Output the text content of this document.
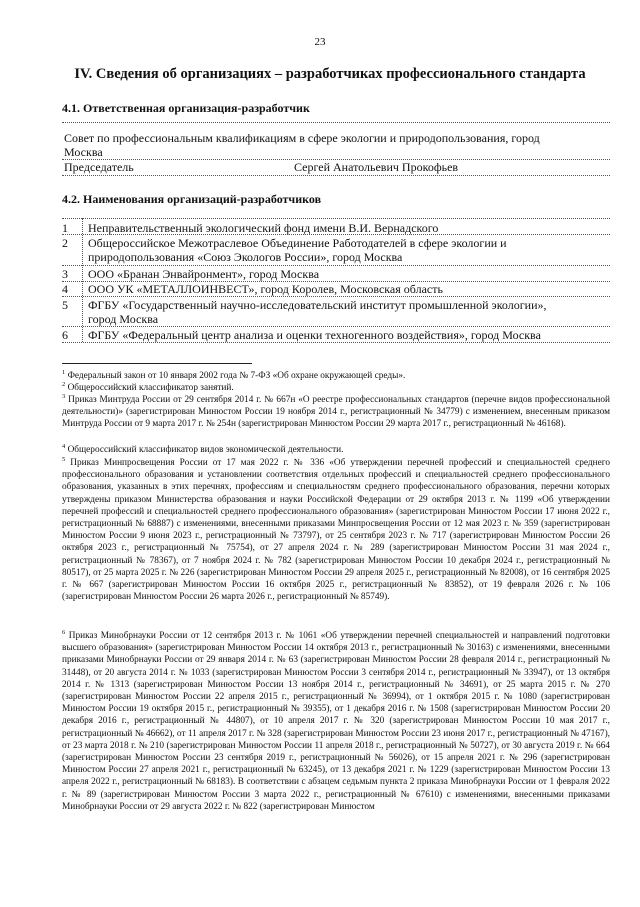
23
IV. Сведения об организациях – разработчиках профессионального стандарта
4.1. Ответственная организация-разработчик
Совет по профессиональным квалификациям в сфере экологии и природопользования, город
Москва
Председатель	Сергей Анатольевич Прокофьев
4.2. Наименования организаций-разработчиков
1 Неправительственный экологический фонд имени В.И. Вернадского
2 Общероссийское Межотраслевое Объединение Работодателей в сфере экологии и
природопользования «Союз Экологов России», город Москва
3 ООО «Бранан Энвайронмент», город Москва
4 ООО УК «МЕТАЛЛОИНВЕСТ», город Королев, Московская область
5 ФГБУ «Государственный научно-исследовательский институт промышленной экологии»,
город Москва
6 ФГБУ «Федеральный центр анализа и оценки техногенного воздействия», город Москва

$^1$ Федеральный закон от 10 января 2002 года № 7-ФЗ «Об охране окружающей среды».

$^2$ Общероссийский классификатор занятий.

$^3$ Приказ Минтруда России от 29 сентября 2014 г. № 667н «О реестре профессиональных стандартов (перечне видов профессиональной деятельности)» (зарегистрирован Минюстом России 19 ноября 2014 г., регистрационный № 34779) с изменением, внесенным приказом Минтруда России от 9 марта 2017 г. № 254н (зарегистрирован Минюстом России 29 марта 2017 г., регистрационный № 46168).

$^4$ Общероссийский классификатор видов экономической деятельности.

$^5$ Приказ Минпросвещения России от 17 мая 2022 г. № 336 «Об утверждении перечней профессий и специальностей среднего профессионального образования и установлении соответствия отдельных профессий и специальностей среднего профессионального образования, указанных в этих перечнях, профессиям и специальностям среднего профессионального образования, перечни которых утверждены приказом Министерства образования и науки Российской Федерации от 29 октября 2013 г. № 1199 «Об утверждении перечней профессий и специальностей среднего профессионального образования» (зарегистрирован Минюстом России 17 июня 2022 г., регистрационный № 68887) с изменениями, внесенными приказами Минпросвещения России от 12 мая 2023 г. № 359 (зарегистрирован Минюстом России 9 июня 2023 г., регистрационный № 73797), от 25 сентября 2023 г. № 717 (зарегистрирован Минюстом России 26 октября 2023 г., регистрационный № 75754), от 27 апреля 2024 г. № 289 (зарегистрирован Минюстом России 31 мая 2024 г., регистрационный № 78367), от 7 ноября 2024 г. № 782 (зарегистрирован Минюстом России 10 декабря 2024 г., регистрационный № 80517), от 25 марта 2025 г. № 226 (зарегистрирован Минюстом России 29 апреля 2025 г., регистрационный № 82008), от 16 сентября 2025 г. № 667 (зарегистрирован Минюстом России 16 октября 2025 г., регистрационный № 83852), от 19 февраля 2026 г. № 106 (зарегистрирован Минюстом России 26 марта 2026 г., регистрационный № 85749).

$^6$ Приказ Минобрнауки России от 12 сентября 2013 г. № 1061 «Об утверждении перечней специальностей и направлений подготовки высшего образования» (зарегистрирован Минюстом России 14 октября 2013 г., регистрационный № 30163) с изменениями, внесенными приказами Минобрнауки России от 29 января 2014 г. № 63 (зарегистрирован Минюстом России 28 февраля 2014 г., регистрационный № 31448), от 20 августа 2014 г. № 1033 (зарегистрирован Минюстом России 3 сентября 2014 г., регистрационный № 33947), от 13 октября 2014 г. № 1313 (зарегистрирован Минюстом России 13 ноября 2014 г., регистрационный № 34691), от 25 марта 2015 г. № 270 (зарегистрирован Минюстом России 22 апреля 2015 г., регистрационный № 36994), от 1 октября 2015 г. № 1080 (зарегистрирован Минюстом России 19 октября 2015 г., регистрационный № 39355), от 1 декабря 2016 г. № 1508 (зарегистрирован Минюстом России 20 декабря 2016 г., регистрационный № 44807), от 10 апреля 2017 г. № 320 (зарегистрирован Минюстом России 10 мая 2017 г., регистрационный № 46662), от 11 апреля 2017 г. № 328 (зарегистрирован Минюстом России 23 июня 2017 г., регистрационный № 47167), от 23 марта 2018 г. № 210 (зарегистрирован Минюстом России 11 апреля 2018 г., регистрационный № 50727), от 30 августа 2019 г. № 664 (зарегистрирован Минюстом России 23 сентября 2019 г., регистрационный № 56026), от 15 апреля 2021 г. № 296 (зарегистрирован Минюстом России 27 апреля 2021 г., регистрационный № 63245), от 13 декабря 2021 г. № 1229 (зарегистрирован Минюстом России 13 апреля 2022 г., регистрационный № 68183). В соответствии с абзацем седьмым пункта 2 приказа Минобрнауки России от 1 февраля 2022 г. № 89 (зарегистрирован Минюстом России 3 марта 2022 г., регистрационный № 67610) с изменениями, внесенными приказами Минобрнауки России от 29 августа 2022 г. № 822 (зарегистрирован Минюстом
